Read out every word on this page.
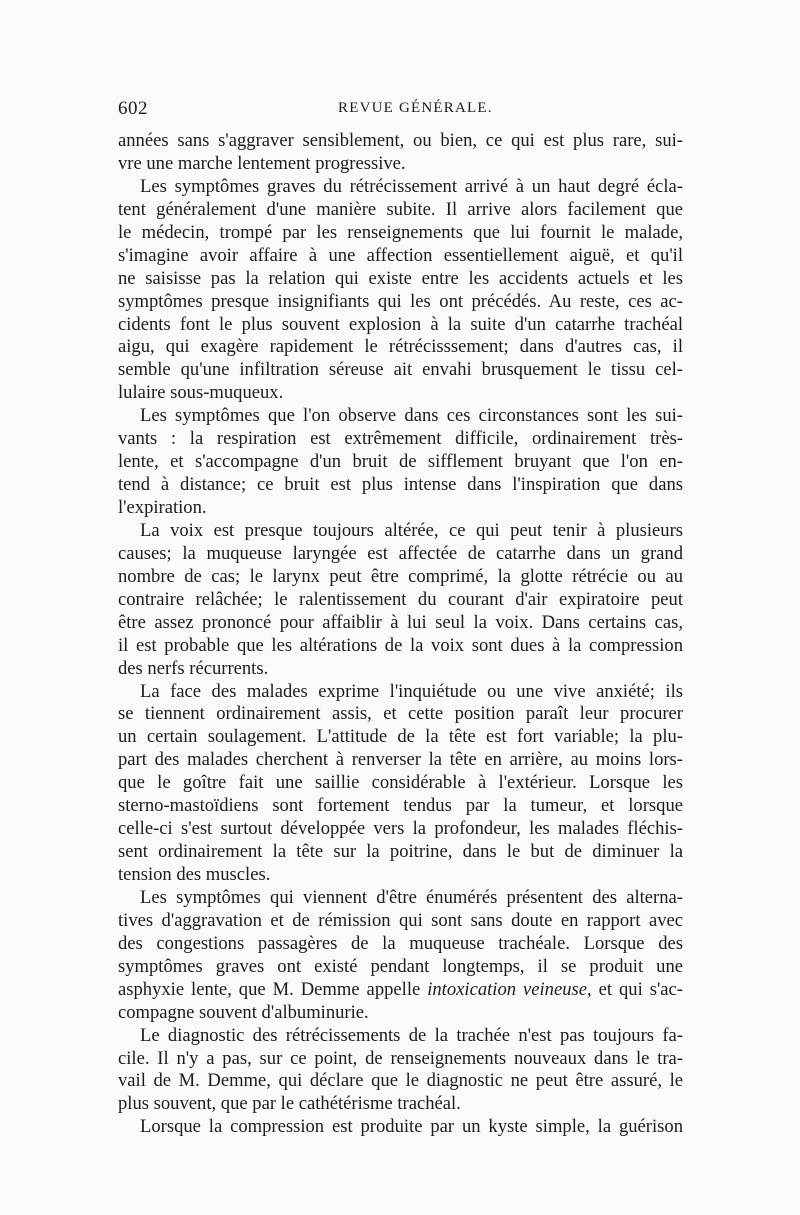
602	REVUE GÉNÉRALE.
années sans s'aggraver sensiblement, ou bien, ce qui est plus rare, sui-
vre une marche lentement progressive.
Les symptômes graves du rétrécissement arrivé à un haut degré écla-
tent généralement d'une manière subite. Il arrive alors facilement que
le médecin, trompé par les renseignements que lui fournit le malade,
s'imagine avoir affaire à une affection essentiellement aiguë, et qu'il
ne saisisse pas la relation qui existe entre les accidents actuels et les
symptômes presque insignifiants qui les ont précédés. Au reste, ces ac-
cidents font le plus souvent explosion à la suite d'un catarrhe trachéal
aigu, qui exagère rapidement le rétrécisssement; dans d'autres cas, il
semble qu'une infiltration séreuse ait envahi brusquement le tissu cel-
lulaire sous-muqueux.
Les symptômes que l'on observe dans ces circonstances sont les sui-
vants : la respiration est extrêmement difficile, ordinairement très-
lente, et s'accompagne d'un bruit de sifflement bruyant que l'on en-
tend à distance; ce bruit est plus intense dans l'inspiration que dans
l'expiration.
La voix est presque toujours altérée, ce qui peut tenir à plusieurs
causes; la muqueuse laryngée est affectée de catarrhe dans un grand
nombre de cas; le larynx peut être comprimé, la glotte rétrécie ou au
contraire relâchée; le ralentissement du courant d'air expiratoire peut
être assez prononcé pour affaiblir à lui seul la voix. Dans certains cas,
il est probable que les altérations de la voix sont dues à la compression
des nerfs récurrents.
La face des malades exprime l'inquiétude ou une vive anxiété; ils
se tiennent ordinairement assis, et cette position paraît leur procurer
un certain soulagement. L'attitude de la tête est fort variable; la plu-
part des malades cherchent à renverser la tête en arrière, au moins lors-
que le goître fait une saillie considérable à l'extérieur. Lorsque les
sterno-mastoïdiens sont fortement tendus par la tumeur, et lorsque
celle-ci s'est surtout développée vers la profondeur, les malades fléchis-
sent ordinairement la tête sur la poitrine, dans le but de diminuer la
tension des muscles.
Les symptômes qui viennent d'être énumérés présentent des alterna-
tives d'aggravation et de rémission qui sont sans doute en rapport avec
des congestions passagères de la muqueuse trachéale. Lorsque des
symptômes graves ont existé pendant longtemps, il se produit une
asphyxie lente, que M. Demme appelle intoxication veineuse, et qui s'ac-
compagne souvent d'albuminurie.
Le diagnostic des rétrécissements de la trachée n'est pas toujours fa-
cile. Il n'y a pas, sur ce point, de renseignements nouveaux dans le tra-
vail de M. Demme, qui déclare que le diagnostic ne peut être assuré, le
plus souvent, que par le cathétérisme trachéal.
Lorsque la compression est produite par un kyste simple, la guérison
